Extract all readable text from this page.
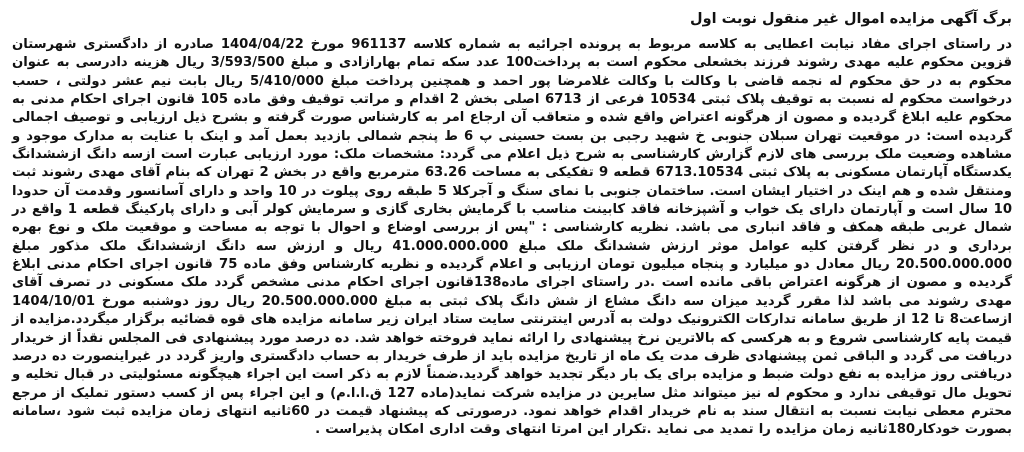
برگ آگهی مزایده اموال غیر منقول نوبت اول

در راستای اجرای مفاد نیابت اعطایی به کلاسه مربوط به پرونده اجرائیه به شماره کلاسه 961137 مورخ 1404/04/22 صادره از دادگستری شهرستان قزوین محکوم علیه مهدی رشوند فرزند بخشعلی محکوم است به پرداخت100 عدد سکه تمام بهارازادی و مبلغ 3/593/500 ریال هزینه دادرسی به عنوان محکوم به در حق محکوم له نجمه قاضی با وکالت با وکالت غلامرضا پور احمد و همچنین پرداخت مبلغ 5/410/000 ریال بابت نیم عشر دولتی ، حسب درخواست محکوم له نسبت به توقیف پلاک ثبتی 10534 فرعی از 6713 اصلی بخش 2 اقدام و مراتب توقیف وفق ماده 105 قانون اجرای احکام مدنی به محکوم علیه ابلاغ گردیده و مصون از هرگونه اعتراض واقع شده و متعاقب آن ارجاع امر به کارشناس صورت گرفته و بشرح ذیل ارزیابی و توصیف اجمالی گردیده است: در موقعیت تهران سبلان جنوبی خ شهید رجبی بن بست حسینی پ 6 ط پنجم شمالی بازدید بعمل آمد و اینک با عنایت به مدارک موجود و مشاهده وضعیت ملک بررسی های لازم گزارش کارشناسی به شرح ذیل اعلام می گردد: مشخصات ملک: مورد ارزیابی عبارت است ازسه دانگ ازششدانگ یکدستگاه آپارتمان مسکونی به پلاک ثبتی 6713.10534 قطعه 9 تفکیکی به مساحت 63.26 مترمربع واقع در بخش 2 تهران که بنام آقای مهدی رشوند ثبت ومنتقل شده و هم اینک در اختیار ایشان است. ساختمان جنوبی با نمای سنگ و آجرکلا 5 طبقه روی پیلوت در 10 واحد و دارای آسانسور وقدمت آن حدودا 10 سال است و آپارتمان دارای یک خواب و آشپزخانه فاقد کابینت مناسب با گرمایش بخاری گازی و سرمایش کولر آبی و دارای پارکینگ قطعه 1 واقع در شمال غربی طبقه همکف و فاقد انباری می باشد. نظریه کارشناسی : "پس از بررسی اوضاع و احوال با توجه به مساحت و موقعیت ملک و نوع بهره برداری و در نظر گرفتن کلیه عوامل موثر ارزش ششدانگ ملک مبلغ 41.000.000.000 ریال و ارزش سه دانگ ازششدانگ ملک مذکور مبلغ 20.500.000.000 ریال معادل دو میلیارد و پنجاه میلیون تومان ارزیابی و اعلام گردیده و نظریه کارشناس وفق ماده 75 قانون اجرای احکام مدنی ابلاغ گردیده و مصون از هرگونه اعتراض باقی مانده است .در راستای اجرای ماده138قانون اجرای احکام مدنی مشخص گردد ملک مسکونی در تصرف آقای مهدی رشوند می باشد لذا مقرر گردید میزان سه دانگ مشاع از شش دانگ پلاک ثبتی به مبلغ 20.500.000.000 ریال روز دوشنبه مورخ 1404/10/01 ازساعت8 تا 12 از طریق سامانه تدارکات الکترونیک دولت به آدرس اینترنتی سایت ستاد ایران زیر سامانه مزایده های قوه قضائیه برگزار میگردد.مزایده از قیمت پایه کارشناسی شروع و به هرکسی که بالاترین نرخ پیشنهادی را ارائه نماید فروخته خواهد شد. ده درصد مورد پیشنهادی فی المجلس نقداً از خریدار دریافت می گردد و الباقی ثمن پیشنهادی ظرف مدت یک ماه از تاریخ مزایده باید از طرف خریدار به حساب دادگستری واریز گردد در غیراینصورت ده درصد دریافتی روز مزایده به نفع دولت ضبط و مزایده برای یک بار دیگر تجدید خواهد گردید.ضمناً لازم به ذکر است این اجراء هیچگونه مسئولیتی در قبال تخلیه و تحویل مال توقیفی ندارد و محکوم له نیز میتواند مثل سایرین در مزایده شرکت نماید(ماده 127 ق.ا.ا.م) و این اجراء پس از کسب دستور تملیک از مرجع محترم معطی نیابت نسبت به انتقال سند به نام خریدار اقدام خواهد نمود. درصورتی که پیشنهاد قیمت در 60ثانیه انتهای زمان مزایده ثبت شود ،سامانه بصورت خودکار180ثانیه زمان مزایده را تمدید می نماید .تکرار این امرتا انتهای وقت اداری امکان پذیراست .
